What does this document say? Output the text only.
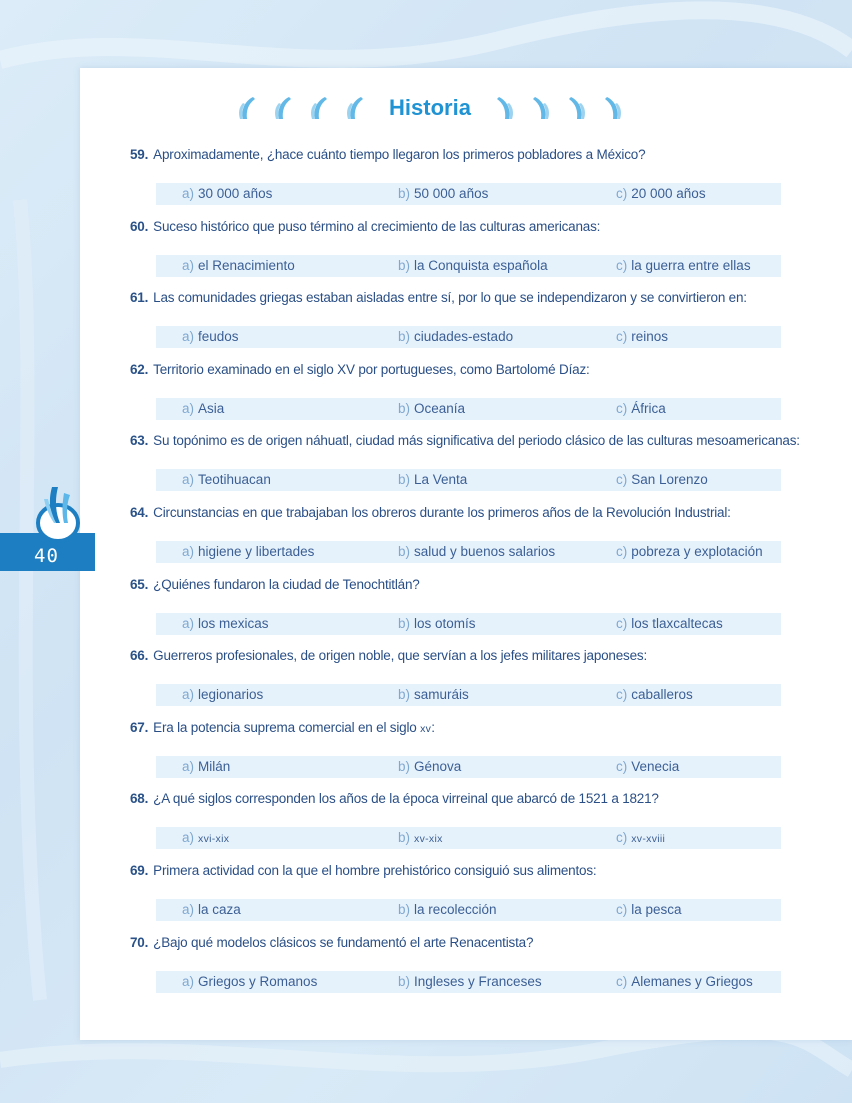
Historia
40
59. Aproximadamente, ¿hace cuánto tiempo llegaron los primeros pobladores a México?
a) 30 000 años	b) 50 000 años	c) 20 000 años
60. Suceso histórico que puso término al crecimiento de las culturas americanas:
a) el Renacimiento	b) la Conquista española	c) la guerra entre ellas
61. Las comunidades griegas estaban aisladas entre sí, por lo que se independizaron y se convirtieron en:
a) feudos	b) ciudades-estado	c) reinos
62. Territorio examinado en el siglo XV por portugueses, como Bartolomé Díaz:
a) Asia	b) Oceanía	c) África
63. Su topónimo es de origen náhuatl, ciudad más significativa del periodo clásico de las culturas mesoamericanas:
a) Teotihuacan	b) La Venta	c) San Lorenzo
64. Circunstancias en que trabajaban los obreros durante los primeros años de la Revolución Industrial:
a) higiene y libertades	b) salud y buenos salarios	c) pobreza y explotación
65. ¿Quiénes fundaron la ciudad de Tenochtitlán?
a) los mexicas	b) los otomís	c) los tlaxcaltecas
66. Guerreros profesionales, de origen noble, que servían a los jefes militares japoneses:
a) legionarios	b) samuráis	c) caballeros
67. Era la potencia suprema comercial en el siglo xv:
a) Milán	b) Génova	c) Venecia
68. ¿A qué siglos corresponden los años de la época virreinal que abarcó de 1521 a 1821?
a) xvi-xix	b) xv-xix	c) xv-xviii
69. Primera actividad con la que el hombre prehistórico consiguió sus alimentos:
a) la caza	b) la recolección	c) la pesca
70. ¿Bajo qué modelos clásicos se fundamentó el arte Renacentista?
a) Griegos y Romanos	b) Ingleses y Franceses	c) Alemanes y Griegos
